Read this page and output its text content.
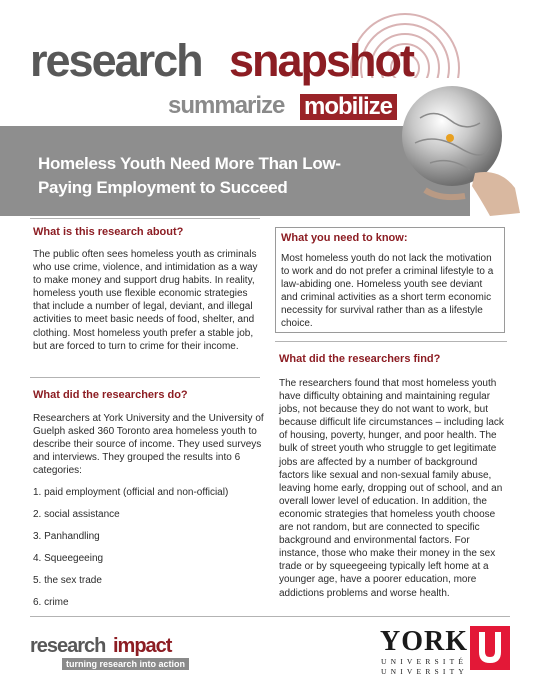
research snapshot
summarize mobilize
Homeless Youth Need More Than Low-Paying Employment to Succeed
What is this research about?
The public often sees homeless youth as criminals who use crime, violence, and intimidation as a way to make money and support drug habits. In reality, homeless youth use flexible economic strategies that include a number of legal, deviant, and illegal activities to meet basic needs of food, shelter, and clothing. Most homeless youth prefer a stable job, but are forced to turn to crime for their income.
What did the researchers do?
Researchers at York University and the University of Guelph asked 360 Toronto area homeless youth to describe their source of income. They used surveys and interviews. They grouped the results into 6 categories:
1. paid employment (official and non-official)
2. social assistance
3. Panhandling
4. Squeegeeing
5. the sex trade
6. crime
What you need to know:
Most homeless youth do not lack the motivation to work and do not prefer a criminal lifestyle to a law-abiding one. Homeless youth see deviant and criminal activities as a short term economic necessity for survival rather than as a lifestyle choice.
What did the researchers find?
The researchers found that most homeless youth have difficulty obtaining and maintaining regular jobs, not because they do not want to work, but because difficult life circumstances – including lack of housing, poverty, hunger, and poor health. The bulk of street youth who struggle to get legitimate jobs are affected by a number of background factors like sexual and non-sexual family abuse, leaving home early, dropping out of school, and an overall lower level of education. In addition, the economic strategies that homeless youth choose are not random, but are connected to specific background and environmental factors. For instance, those who make their money in the sex trade or by squeegeeing typically left home at a younger age, have a poorer education, more addictions problems and worse health.
research impact
turning research into action
YORK
UNIVERSITÉ
UNIVERSITY
